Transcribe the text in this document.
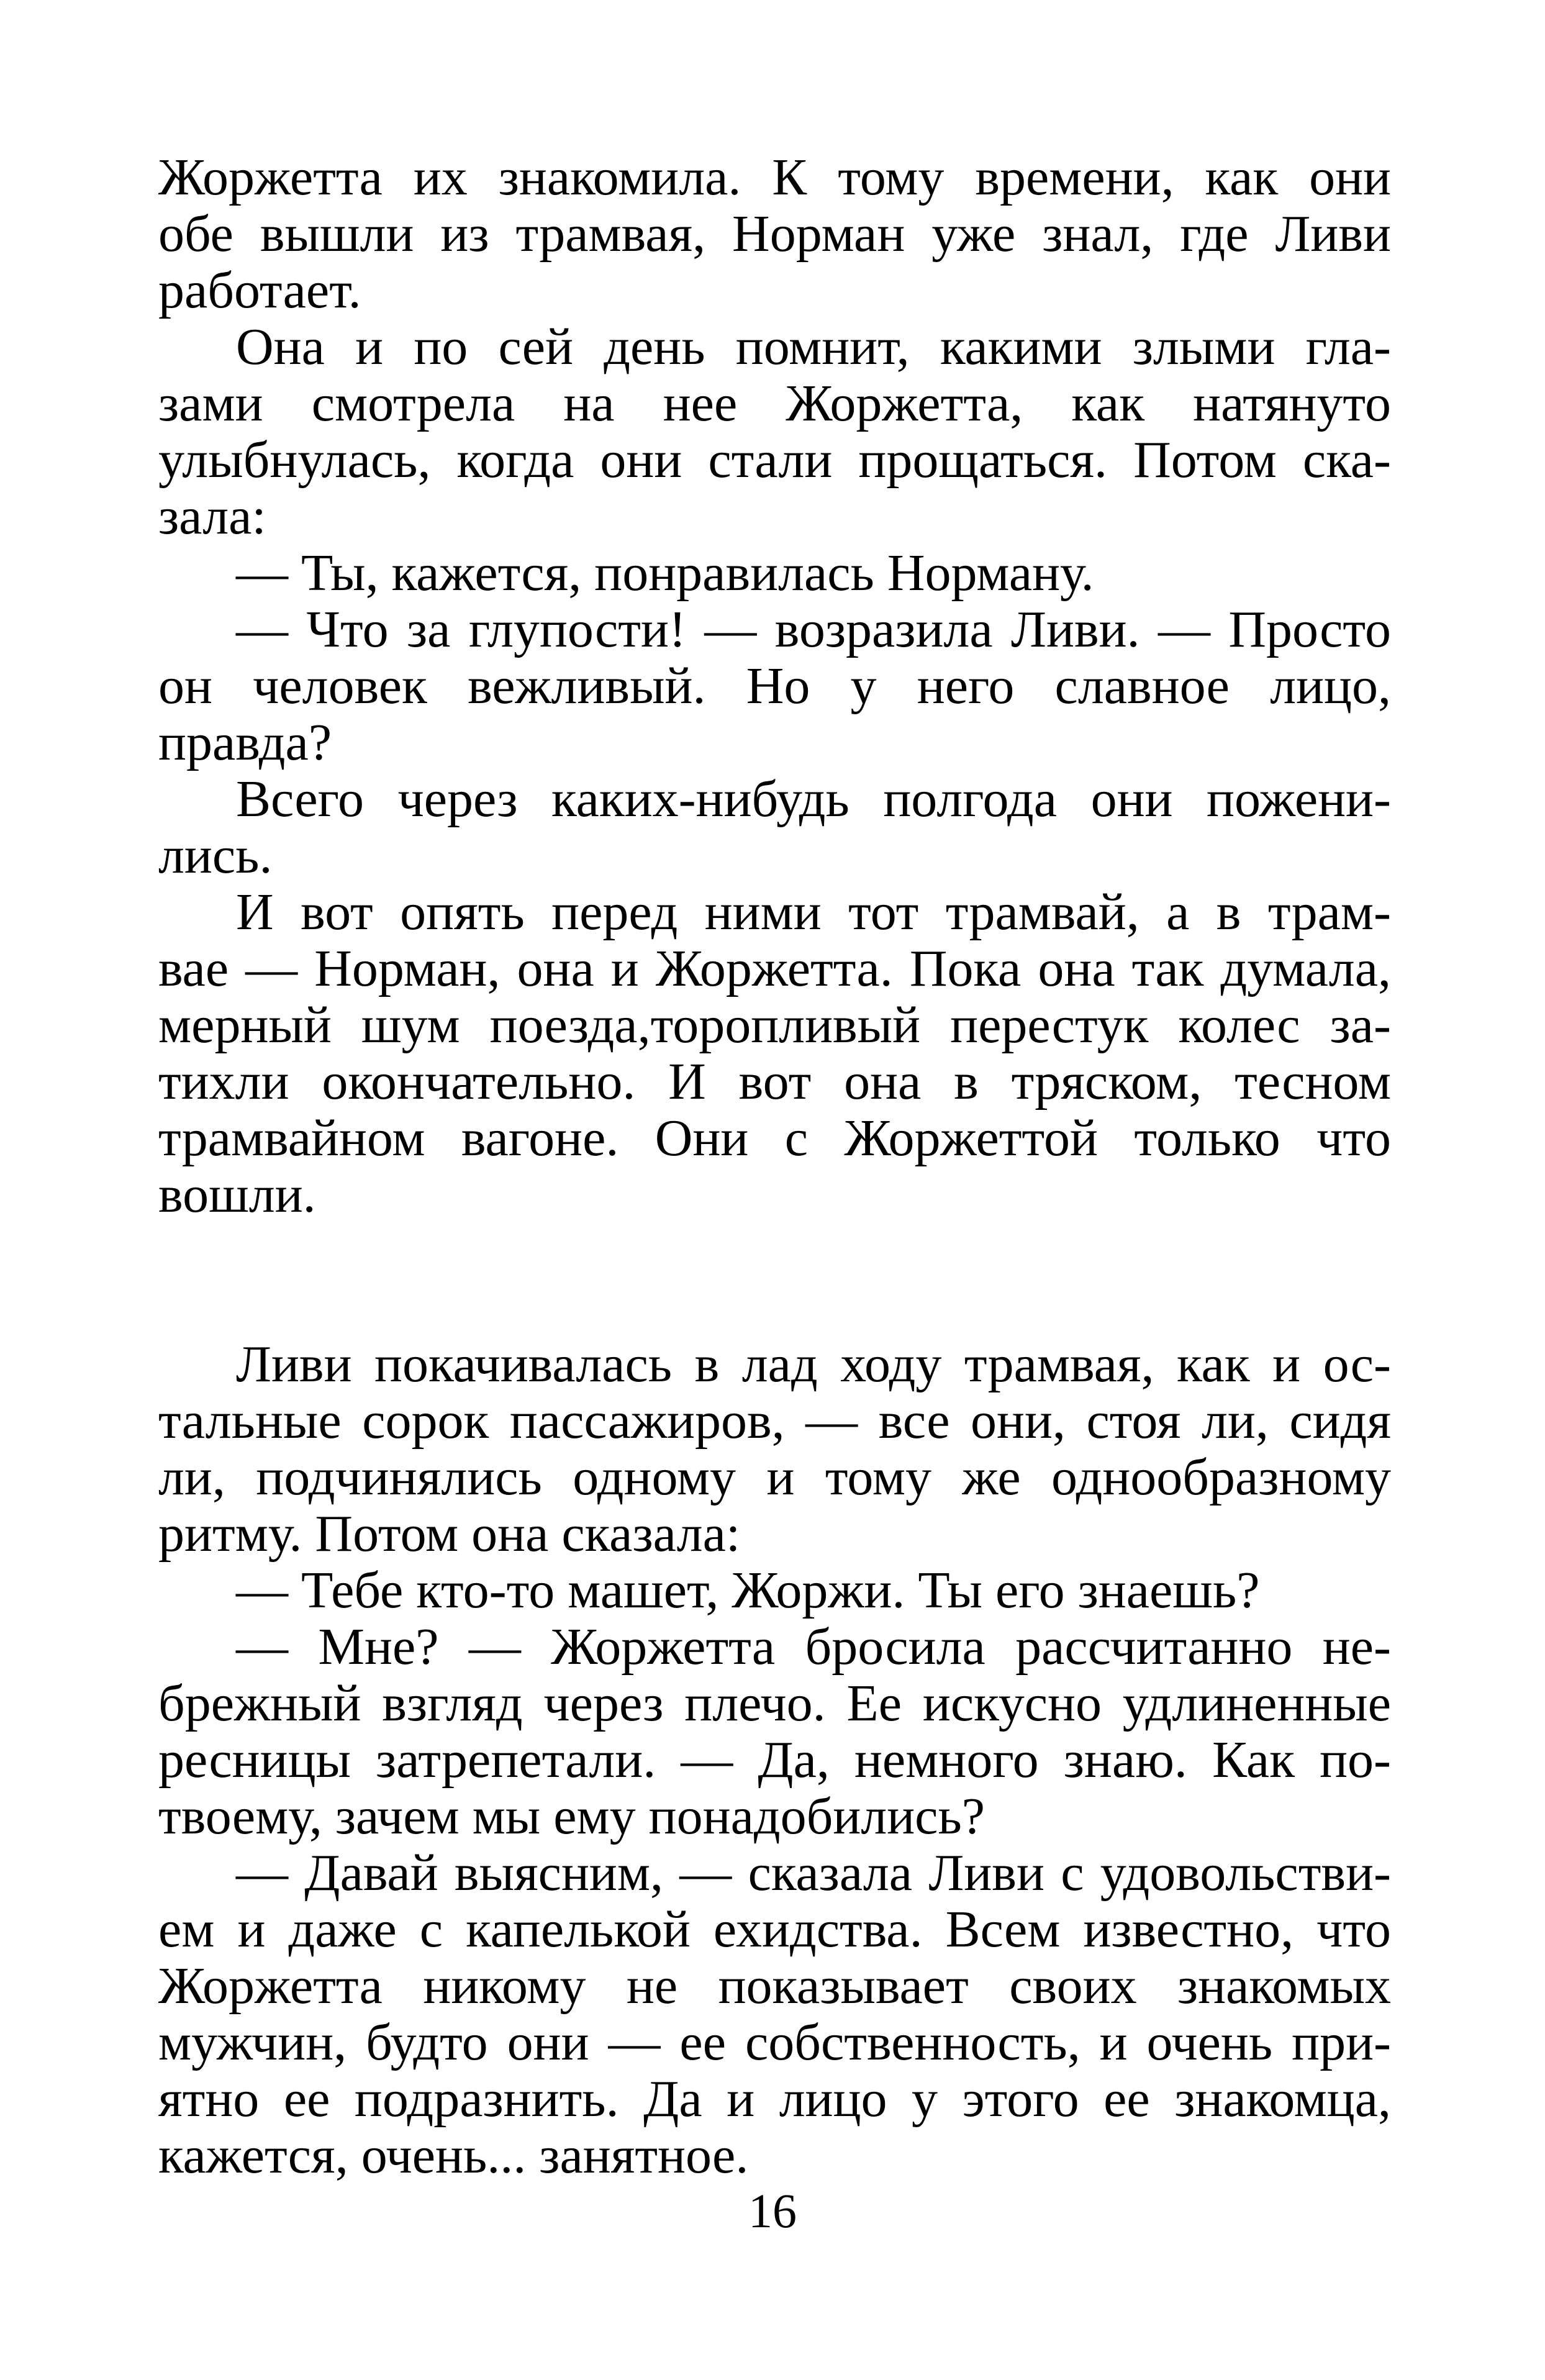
Жоржетта их знакомила. К тому времени, как они
обе вышли из трамвая, Норман уже знал, где Ливи
работает.
Она и по сей день помнит, какими злыми гла-
зами смотрела на нее Жоржетта, как натянуто
улыбнулась, когда они стали прощаться. Потом ска-
зала:
— Ты, кажется, понравилась Норману.
— Что за глупости! — возразила Ливи. — Просто
он человек вежливый. Но у него славное лицо,
правда?
Всего через каких-нибудь полгода они пожени-
лись.
И вот опять перед ними тот трамвай, а в трам-
вае — Норман, она и Жоржетта. Пока она так думала,
мерный шум поезда,торопливый перестук колес за-
тихли окончательно. И вот она в тряском, тесном
трамвайном вагоне. Они с Жоржеттой только что
вошли.
Ливи покачивалась в лад ходу трамвая, как и ос-
тальные сорок пассажиров, — все они, стоя ли, сидя
ли, подчинялись одному и тому же однообразному
ритму. Потом она сказала:
— Тебе кто-то машет, Жоржи. Ты его знаешь?
— Мне? — Жоржетта бросила рассчитанно не-
брежный взгляд через плечо. Ее искусно удлиненные
ресницы затрепетали. — Да, немного знаю. Как по-
твоему, зачем мы ему понадобились?
— Давай выясним, — сказала Ливи с удовольстви-
ем и даже с капелькой ехидства. Всем известно, что
Жоржетта никому не показывает своих знакомых
мужчин, будто они — ее собственность, и очень при-
ятно ее подразнить. Да и лицо у этого ее знакомца,
кажется, очень... занятное.
16
